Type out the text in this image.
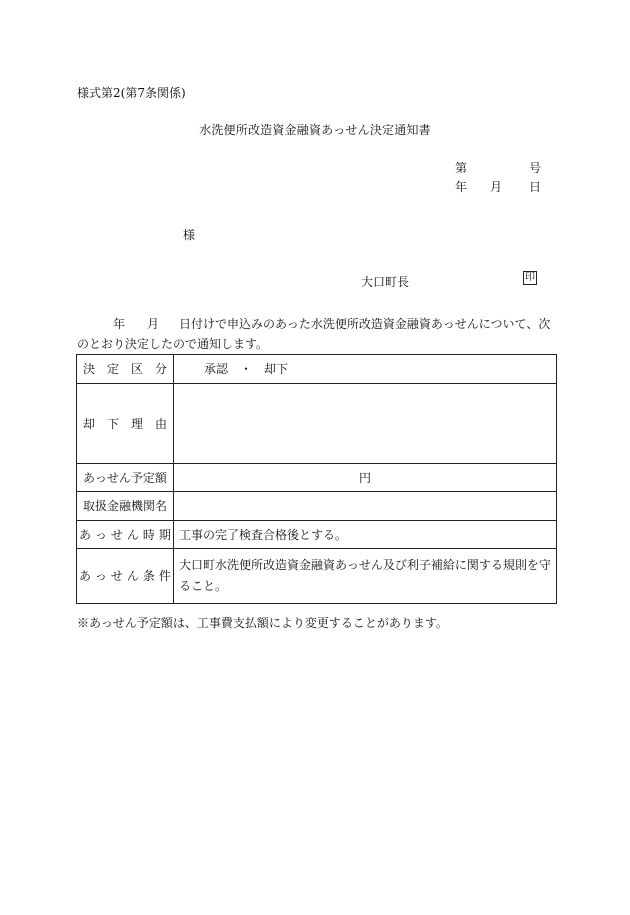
様式第2(第7条関係)
水洗便所改造資金融資あっせん決定通知書
第	号
年 月 日
様
大口町長	印
年 月 日付けで申込みのあった水洗便所改造資金融資あっせんについて、次
のとおり決定したので通知します。
決定区分	承認　・　却下
却下理由	
あっせん予定額	円
取扱金融機関名	
あっせん時期	工事の完了検査合格後とする。
あっせん条件	大口町水洗便所改造資金融資あっせん及び利子補給に関する規則を守
ること。
※あっせん予定額は、工事費支払額により変更することがあります。
